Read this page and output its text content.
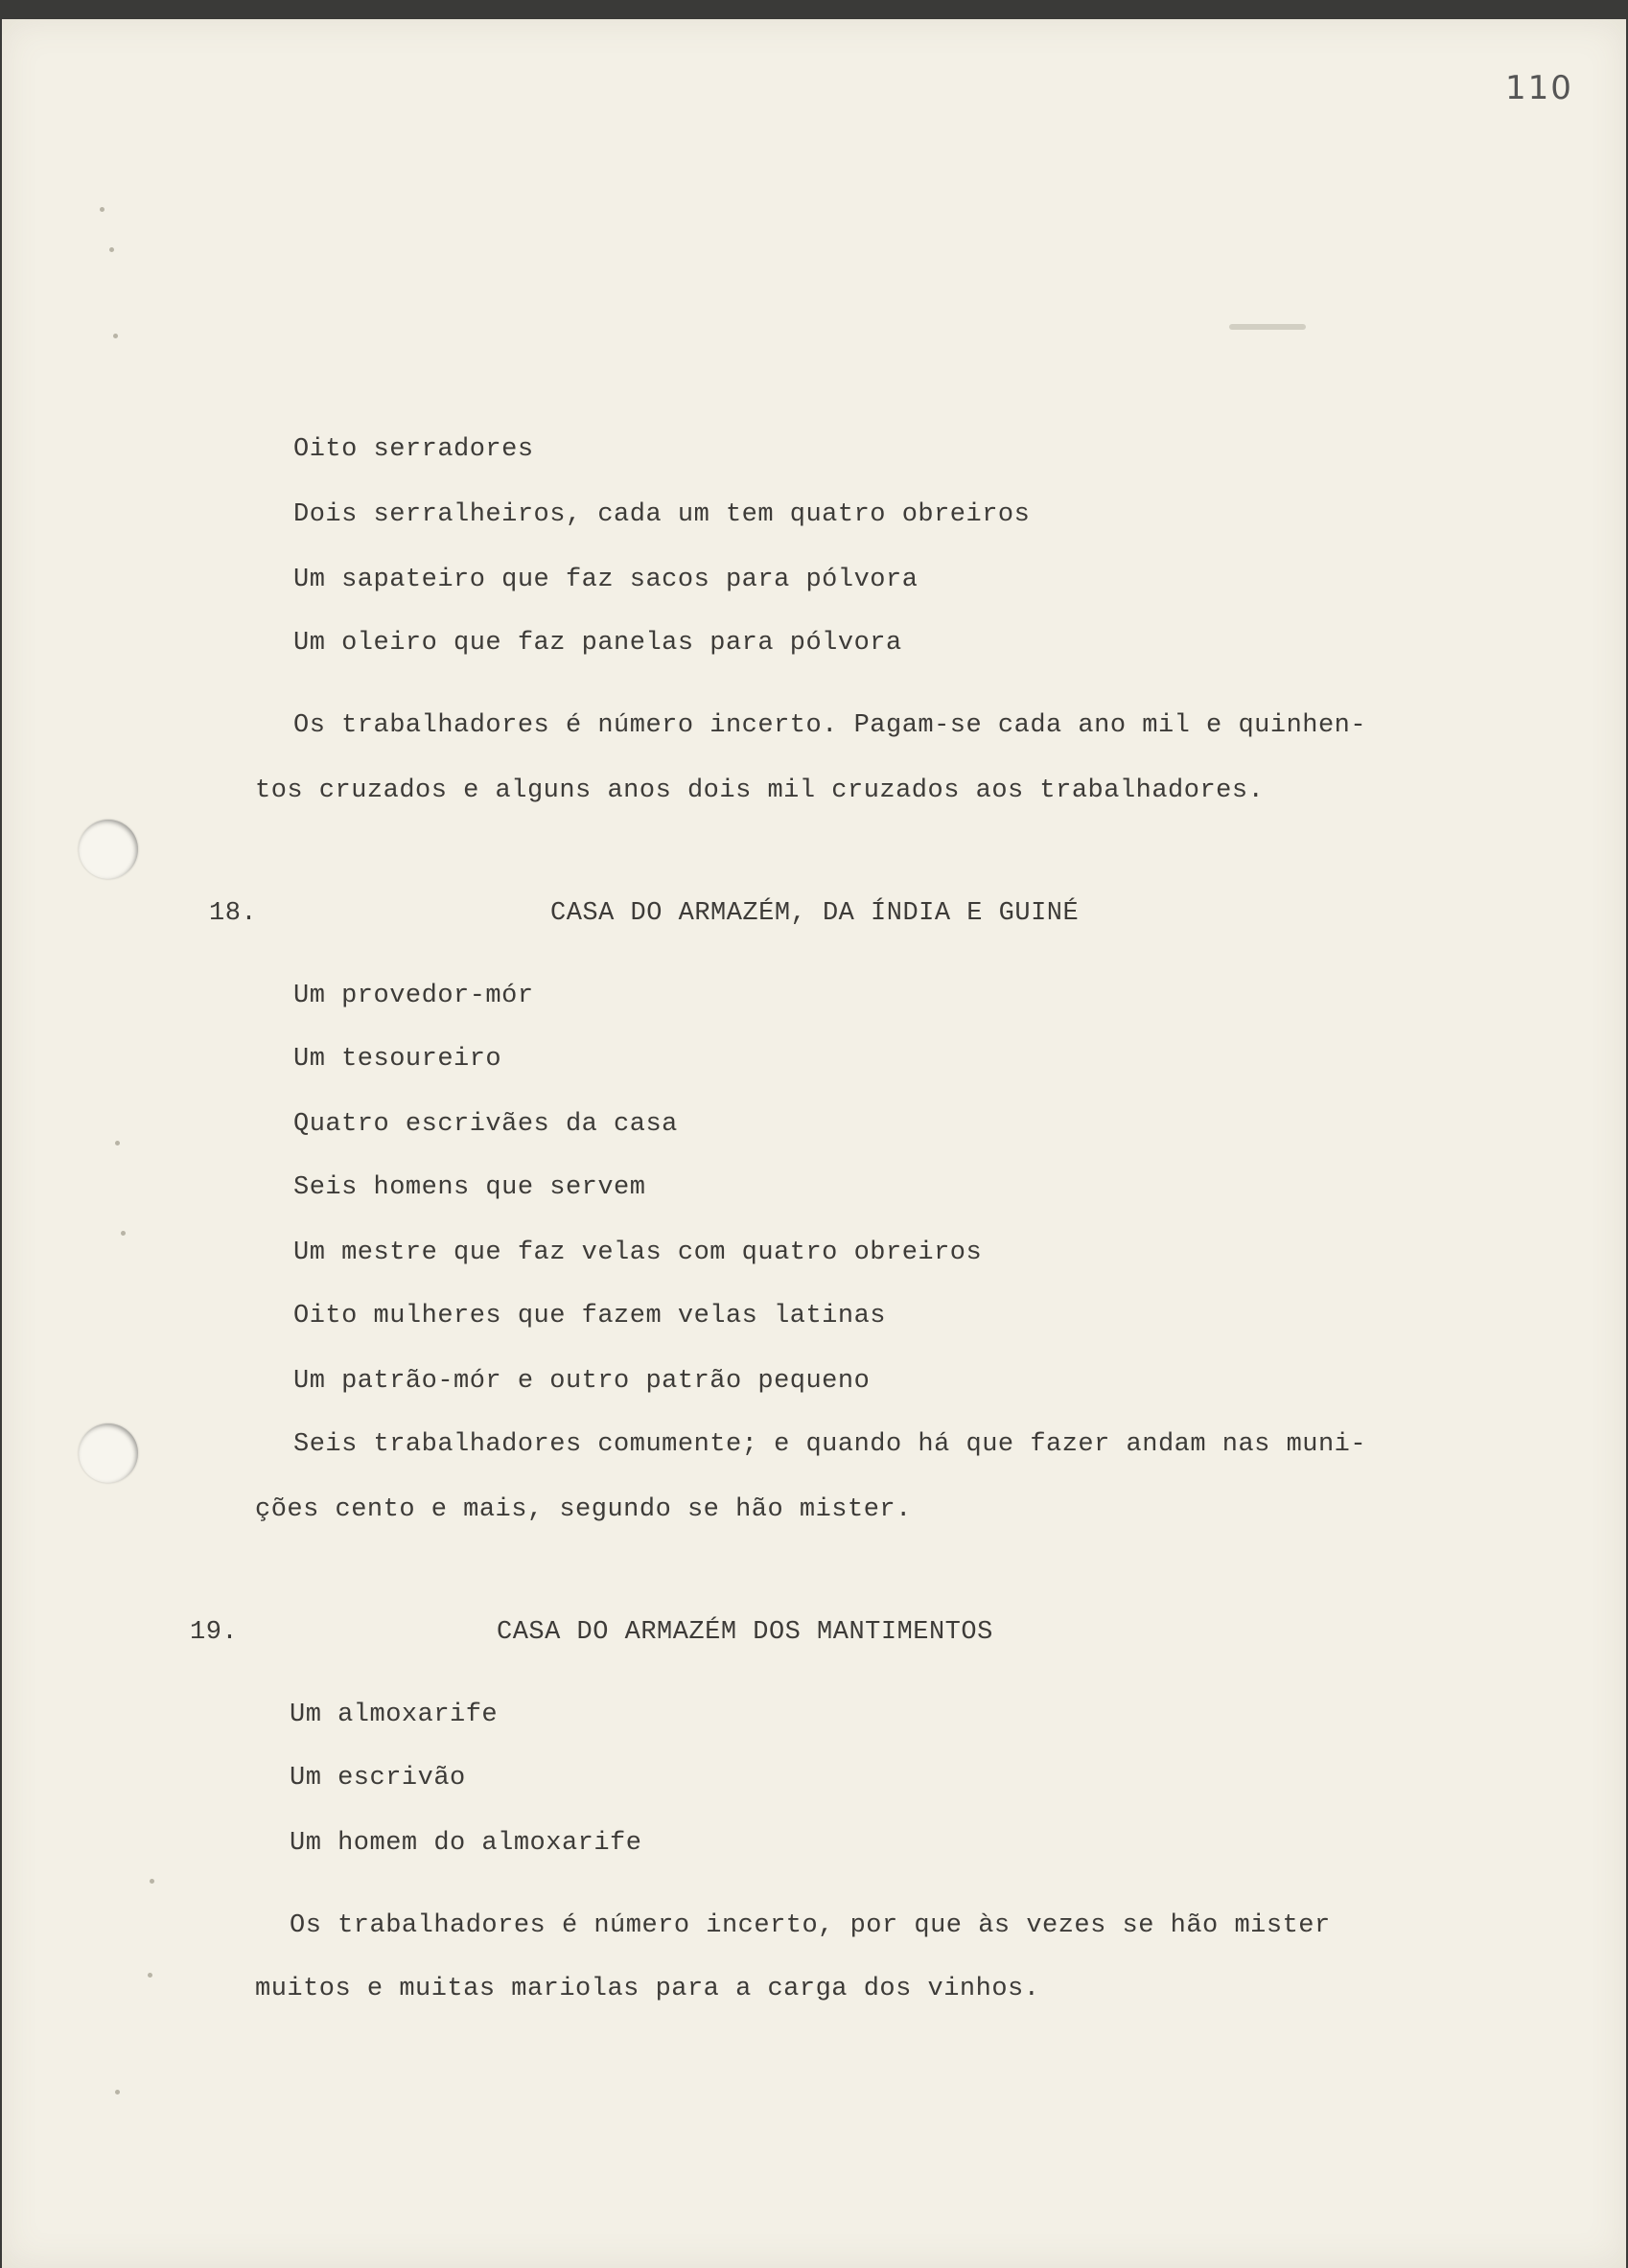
110
Oito serradores
Dois serralheiros, cada um tem quatro obreiros
Um sapateiro que faz sacos para pólvora
Um oleiro que faz panelas para pólvora
Os trabalhadores é número incerto. Pagam-se cada ano mil e quinhen-
tos cruzados e alguns anos dois mil cruzados aos trabalhadores.
18.	CASA DO ARMAZÉM, DA ÍNDIA E GUINÉ
Um provedor-mór
Um tesoureiro
Quatro escrivães da casa
Seis homens que servem
Um mestre que faz velas com quatro obreiros
Oito mulheres que fazem velas latinas
Um patrão-mór e outro patrão pequeno
Seis trabalhadores comumente; e quando há que fazer andam nas muni-
ções cento e mais, segundo se hão mister.
19.	CASA DO ARMAZÉM DOS MANTIMENTOS
Um almoxarife
Um escrivão
Um homem do almoxarife
Os trabalhadores é número incerto, por que às vezes se hão mister
muitos e muitas mariolas para a carga dos vinhos.
